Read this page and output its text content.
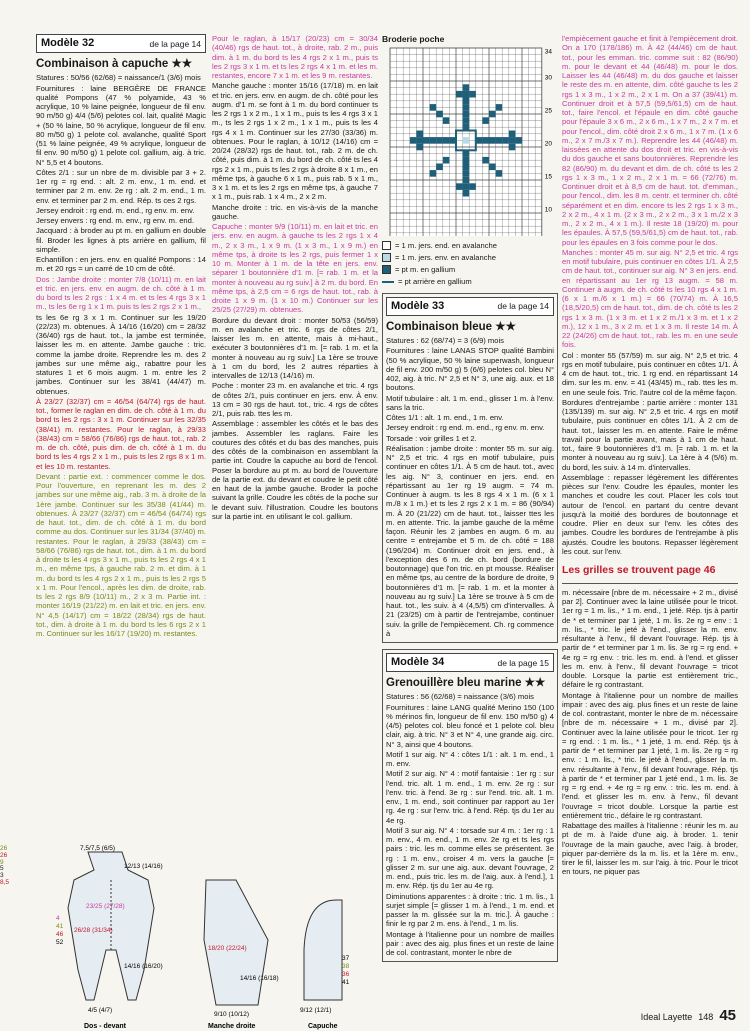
Modèle 32	de la page 14
Combinaison à capuche ★★
Statures : 50/56 (62/68) = naissance/1 (3/6) mois
Fournitures : laine BERGÈRE DE FRANCE qualité Pompons (47 % polyamide, 43 % acrylique, 10 % laine peignée, longueur de fil env. 90 m/50 g) 4/4 (5/6) pelotes col. lait, qualité Magic + (50 % laine, 50 % acrylique, longueur de fil env. 80 m/50 g) 1 pelote col. avalanche, qualité Sport (51 % laine peignée, 49 % acrylique, longueur de fil env. 90 m/50 g) 1 pelote col. gallium, aig. à tric. N° 5,5 et 4 boutons.
Côtes 2/1 : sur un nbre de m. divisible par 3 + 2. 1er rg = rg end. : alt. 2 m. env., 1 m. end. et terminer par 2 m. env. 2e rg : alt. 2 m. end., 1 m. env. et terminer par 2 m. end. Rép. ts ces 2 rgs.
Jersey endroit : rg end. m. end., rg env. m. env.
Jersey envers : rg end. m. env., rg env. m. end.
Jacquard : à broder au pt m. en gallium en double fil. Broder les lignes à pts arrière en gallium, fil simple.
Echantillon : en jers. env. en qualité Pompons : 14 m. et 20 rgs = un carré de 10 cm de côté.
Dos : Jambe droite : monter 7/8 (10/11) m. en lait et tric. en jers. env. en augm. de ch. côté à 1 m. du bord ts les 2 rgs : 1 x 4 m. et ts les 4 rgs 3 x 1 m., ts les 6e rg 1 x 1 m. puis ts les 2 rgs 2 x 1 m.,
ts les 6e rg 3 x 1 m. Continuer sur les 19/20 (22/23) m. obtenues. À 14/16 (16/20) cm = 28/32 (36/40) rgs de haut. tot., la jambe est terminée, laisser les m. en attente. Jambe gauche : tric. comme la jambe droite. Reprendre les m. des 2 jambes sur une même aig., rabattre pour les statures 1 et 6 mois augm. 1 m. entre les 2 jambes. Continuer sur les 38/41 (44/47) m. obtenues.
À 23/27 (32/37) cm = 46/54 (64/74) rgs de haut. tot., former le raglan en dim. de ch. côté à 1 m. du bord ts les 2 rgs : 3 x 1 m. Continuer sur les 32/35 (38/41) m. restantes. Pour le raglan, à 29/33 (38/43) cm = 58/66 (76/86) rgs de haut. tot., rab. 2 m. de ch. côté, puis dim. de ch. côté à 1 m. du bord ts les 4 rgs 2 x 1 m., puis ts les 2 rgs 8 x 1 m. et les 10 m. restantes.
Devant : partie ext. : commencer comme le dos. Pour l'ouverture, en reprenant les m. des 2 jambes sur une même aig., rab. 3 m. à droite de la 1ère jambe. Continuer sur les 35/38 (41/44) m. obtenues. À 23/27 (32/37) cm = 46/54 (64/74) rgs de haut. tot., dim. de ch. côté à 1 m. du bord comme au dos. Continuer sur les 31/34 (37/40) m. restantes. Pour le raglan, à 29/33 (38/43) cm = 58/66 (76/86) rgs de haut. tot., dim. à 1 m. du bord à droite ts les 4 rgs 3 x 1 m., puis ts les 2 rgs 4 x 1 m., en même tps, à gauche rab. 2 m. et dim. à 1 m. du bord ts les 4 rgs 2 x 1 m., puis ts les 2 rgs 5 x 1 m. Pour l'encol., après les dim. de droite, rab. ts les 2 rgs 8/9 (10/11) m., 2 x 3 m. Partie int. : monter 16/19 (21/22) m. en lait et tric. en jers. env. N° 4,5 (14/17) cm = 18/22 (28/34) rgs de haut. tot., dim. à droite à 1 m. du bord ts les 6 rgs 2 x 1 m. Continuer sur les 16/17 (19/20) m. restantes.
Pour le raglan, à 15/17 (20/23) cm = 30/34 (40/46) rgs de haut. tot., à droite, rab. 2 m., puis dim. à 1 m. du bord ts les 4 rgs 2 x 1 m., puis ts les 2 rgs 3 x 1 m. et ts les 2 rgs 4 x 1 m. et les m. restantes, encore 7 x 1 m. et les 9 m. restantes.
Manche gauche : monter 15/16 (17/18) m. en lait et tric. en jers. env. en augm. de ch. côté pour les augm. d'1 m. se font à 1 m. du bord continuer ts les 2 rgs 1 x 2 m., 1 x 1 m., puis ts les 4 rgs 3 x 1 m., ts les 2 rgs 1 x 2 m., 1 x 1 m., puis ts les 4 rgs 4 x 1 m. Continuer sur les 27/30 (33/36) m. obtenues. Pour le raglan, à 10/12 (14/16) cm = 20/24 (28/32) rgs de haut. tot., rab. 2 m. de ch. côté, puis dim. à 1 m. du bord de ch. côté ts les 4 rgs 2 x 1 m., puis ts les 2 rgs à droite 8 x 1 m., en même tps, à gauche 6 x 1 m., puis rab. 5 x 1 m., 3 x 1 m. et ts les 2 rgs en même tps, à gauche 7 x 1 m., puis rab. 1 x 4 m., 2 x 2 m.
Manche droite : tric. en vis-à-vis de la manche gauche.
Capuche : monter 9/9 (10/11) m. en lait et tric. en jers. env. en augm. à gauche ts les 2 rgs 1 x 4 m., 2 x 3 m., 1 x 9 m. (1 x 3 m., 1 x 9 m.) en même tps, à droite ts les 2 rgs, puis fermer 1 x 10 m. Monter à 1 m. de la tête en jers. env. séparer 1 boutonnière d'1 m. [= rab. 1 m. et la monter à nouveau au rg suiv.] à 2 m. du bord. En même tps, à 2,5 cm = 6 rgs de haut. tot., rab. à droite 1 x 9 m. (1 x 10 m.) Continuer sur les 25/25 (27/29) m. obtenues.
Bordure du devant droit : monter 50/53 (56/59) m. en avalanche et tric. 6 rgs de côtes 2/1, laisser les m. en attente, mais à mi-haut., exécuter 3 boutonnières d'1 m. [= rab. 1 m. et la monter à nouveau au rg suiv.] La 1ère se trouve à 1 cm du bord, les 2 autres réparties à intervalles de 12/13 (14/16) m.
Poche : monter 23 m. en avalanche et tric. 4 rgs de côtes 2/1, puis continuer en jers. env. À env. 13 cm = 30 rgs de haut. tot., tric. 4 rgs de côtes 2/1, puis rab. ttes les m.
Assemblage : assembler les côtés et le bas des jambes. Assembler les raglans. Faire les coutures des côtés et du bas des manches, puis des côtés de la combinaison en assemblant la partie int. Coudre la capuche au bord de l'encol. Poser la bordure au pt m. au bord de l'ouverture de la partie ext. du devant et coudre le petit côté en haut de la jambe gauche. Broder la poche suivant la grille. Coudre les côtés de la poche sur le devant suiv. l'illustration. Coudre les boutons sur la partie int. en utilisant le col. gallium.
Broderie poche
34
30
25
20
15
10
= 1 m. jers. end. en avalanche
= 1 m. jers. env. en avalanche
= pt m. en gallium
= pt arrière en gallium
Modèle 33	de la page 14
Combinaison bleue ★★
Statures : 62 (68/74) = 3 (6/9) mois
Fournitures : laine LANAS STOP qualité Bambini (50 % acrylique, 50 % laine superwash, longueur de fil env. 200 m/50 g) 5 (6/6) pelotes col. bleu N° 402, aig. à tric. N° 2,5 et N° 3, une aig. aux. et 18 boutons.
Motif tubulaire : alt. 1 m. end., glisser 1 m. à l'env. sans la tric.
Côtes 1/1 : alt. 1 m. end., 1 m. env.
Jersey endroit : rg end. m. end., rg env. m. env.
Torsade : voir grilles 1 et 2.
Réalisation : jambe droite : monter 55 m. sur aig. N° 2,5 et tric. 4 rgs en motif tubulaire, puis continuer en côtes 1/1. À 5 cm de haut. tot., avec les aig. N° 3, continuer en jers. end. en répartissant au 1er rg 19 augm. = 74 m. Continuer à augm. ts les 8 rgs 4 x 1 m. (6 x 1 m./8 x 1 m.) et ts les 2 rgs 2 x 1 m. = 86 (90/94) m. À 20 (21/22) cm de haut. tot., laisser ttes les m. en attente. Tric. la jambe gauche de la même façon. Réunir les 2 jambes en augm. 6 m. au centre = entrejambe et 5 m. de ch. côté = 188 (196/204) m. Continuer droit en jers. end., à l'exception des 6 m. de ch. bord (bordure de boutonnage) que l'on tric. en pt mousse. Réaliser en même tps, au centre de la bordure de droite, 9 boutonnières d'1 m. [= rab. 1 m. et la monter à nouveau au rg suiv.] La 1ère se trouve à 5 cm de haut. tot., les suiv. à 4 (4,5/5) cm d'intervalles. À 21 (23/25) cm à partir de l'entrejambe, continuer suiv. la grille de l'empiècement. Ch. rg commence à
Modèle 34	de la page 15
Grenouillère bleu marine ★★
Statures : 56 (62/68) = naissance (3/6) mois
Fournitures : laine LANG qualité Merino 150 (100 % mérinos fin, longueur de fil env. 150 m/50 g) 4 (4/5) pelotes col. bleu foncé et 1 pelote col. bleu clair, aig. à tric. N° 3 et N° 4, une grande aig. circ. N° 3, ainsi que 4 boutons.
Motif 1 sur aig. N° 4 : côtes 1/1 : alt. 1 m. end., 1 m. env.
Motif 2 sur aig. N° 4 : motif fantaisie : 1er rg : sur l'end. tric. alt. 1 m. end., 1 m. env. 2e rg : sur l'env. tric. à l'end. 3e rg : sur l'end. tric. alt. 1 m. env., 1 m. end., soit continuer par rapport au 1er rg. 4e rg : sur l'env. tric. à l'end. Rép. tjs du 1er au 4e rg.
Motif 3 sur aig. N° 4 : torsade sur 4 m. : 1er rg : 1 m. env., 4 m. end., 1 m. env. 2e rg et ts les rgs pairs : tric. les m. comme elles se présentent. 3e rg : 1 m. env., croiser 4 m. vers la gauche [= glisser 2 m. sur une aig. aux. devant l'ouvrage, 2 m. end., puis tric. les m. de l'aig. aux. à l'end.], 1 m. env. Rép. tjs du 1er au 4e rg.
Diminutions apparentes : à droite : tric. 1 m. lis., 1 surjet simple [= glisser 1 m. à l'end., 1 m. end. et passer la m. glissée sur la m. tric.]. À gauche : finir le rg par 2 m. ens. à l'end., 1 m. lis.
Montage à l'italienne pour un nombre de mailles pair : avec des aig. plus fines et un reste de laine de col. contrastant, monter le nbre de
l'empiècement gauche et finit à l'empiècement droit. On a 170 (178/186) m. À 42 (44/46) cm de haut. tot., pour les emman. tric. comme suit : 82 (86/90) m. pour le devant et 44 (46/48) m. pour le dos. Laisser les 44 (46/48) m. du dos gauche et laisser le reste des m. en attente, dim. côté gauche ts les 2 rgs 1 x 3 m., 1 x 2 m., 2 x 1 m. On a 37 (39/41) m. Continuer droit et à 57,5 (59,5/61,5) cm de haut. tot., faire l'encol. et l'épaule en dim. côté gauche pour l'épaule 3 x 6 m., 2 x 6 m., 1 x 7 m., 2 x 7 m. et pour l'encol., dim. côté droit 2 x 6 m., 1 x 7 m. (1 x 6 m., 2 x 7 m./3 x 7 m.). Reprendre les 44 (46/48) m. laissées en attente du dos droit et tric. en vis-à-vis du dos gauche et sans boutonnières. Reprendre les 82 (86/90) m. du devant et dim. de ch. côté ts les 2 rgs 1 x 3 m., 1 x 2 m., 2 x 1 m. = 66 (72/76) m. Continuer droit et à 8,5 cm de haut. tot. d'emman., pour l'encol., dim. les 8 m. centr. et terminer ch. côté séparément et en dim. encore ts les 2 rgs 1 x 3 m., 2 x 2 m., 4 x 1 m. (2 x 3 m., 2 x 2 m., 3 x 1 m./2 x 3 m., 2 x 2 m., 4 x 1 m.). Il reste 18 (19/20) m. pour les épaules. À 57,5 (59,5/61,5) cm de haut. tot., rab. pour les épaules en 3 fois comme pour le dos.
Manches : monter 45 m. sur aig. N° 2,5 et tric. 4 rgs en motif tubulaire, puis continuer en côtes 1/1. À 2,5 cm de haut. tot., continuer sur aig. N° 3 en jers. end. en répartissant au 1er rg 13 augm. = 58 m. Continuer à augm. de ch. côté ts les 10 rgs 4 x 1 m. (6 x 1 m./6 x 1 m.) = 66 (70/74) m. À 16,5 (18,5/20,5) cm de haut. tot., dim. de ch. côté ts les 2 rgs 1 x 3 m. (1 x 3 m. et 1 x 2 m./1 x 3 m. et 1 x 2 m.), 12 x 1 m., 3 x 2 m. et 1 x 3 m. Il reste 14 m. À 22 (24/26) cm de haut. tot., rab. les m. en une seule fois.
Col : monter 55 (57/59) m. sur aig. N° 2,5 et tric. 4 rgs en motif tubulaire, puis continuer en côtes 1/1. À 4 cm de haut. tot., tric. 1 rg end. en répartissant 14 dim. sur les m. env. = 41 (43/45) m., rab. ttes les m. en une seule fois. Tric. l'autre col de la même façon.
Bordures d'entrejambe : partie arrière : monter 131 (135/139) m. sur aig. N° 2,5 et tric. 4 rgs en motif tubulaire, puis continuer en côtes 1/1. À 2 cm de haut. tot., laisser les m. en attente. Faire le même travail pour la partie avant, mais à 1 cm de haut. tot., faire 9 boutonnières d'1 m. [= rab. 1 m. et la monter à nouveau au rg suiv.]. La 1ère à 4 (5/6) m. du bord, les suiv. à 14 m. d'intervalles.
Assemblage : repasser légèrement les différentes pièces sur l'env. Coudre les épaules, monter les manches et coudre les cout. Placer les cols tout autour de l'encol. en partant du centre devant jusqu'à la moitié des bordures de boutonnage et coudre. Plier en deux sur l'env. les côtes des jambes. Coudre les bordures de l'entrejambe à plis ajustés. Coudre les boutons. Repasser légèrement les cout. sur l'env.
Les grilles se trouvent page 46
m. nécessaire [nbre de m. nécessaire + 2 m., divisé par 2]. Continuer avec la laine utilisée pour le tricot. 1er rg = 1 m. lis., * 1 m. end., 1 jeté. Rép. tjs à partir de * et terminer par 1 jeté, 1 m. lis. 2e rg = env : 1 m. lis., * tric. le jeté à l'end., glisser la m. env. résultante à l'env., fil devant l'ouvrage. Rép. tjs à partir de * et terminer par 1 m. lis. 3e rg = rg end. + 4e rg = rg env. : tric. les m. end. à l'end. et glisser les m. env. à l'env., fil devant l'ouvrage = tricot double. Lorsque la partie est entièrement tric., défaire le rg contrastant.
Montage à l'italienne pour un nombre de mailles impair : avec des aig. plus fines et un reste de laine de col. contrastant, monter le nbre de m. nécessaire [nbre de m. nécessaire + 1 m., divisé par 2]. Continuer avec la laine utilisée pour le tricot. 1er rg = rg end. : 1 m. lis., * 1 jeté, 1 m. end. Rép. tjs à partir de * et terminer par 1 jeté, 1 m. lis. 2e rg = rg env. : 1 m. lis., * tric. le jeté à l'end., glisser la m. env. résultante à l'env., fil devant l'ouvrage. Rép. tjs à partir de * et terminer par 1 jeté end., 1 m. lis. 3e rg = rg end. + 4e rg = rg env. : tric. les m. end. à l'end. et glisser les m. env. à l'env., fil devant l'ouvrage = tricot double. Lorsque la partie est entièrement tric., défaire le rg contrastant.
Rabattage des mailles à l'italienne : réunir les m. au pt de m. à l'aide d'une aig. à broder. 1. tenir l'ouvrage de la main gauche, avec l'aig. à broder, piquer par-derrière ds la m. lis. et la 1ère m. env., tirer le fil, laisser les m. sur l'aig. à tric. Pour le tricot en tours, ne piquer pas
7,5/7,5 (6/5)
12/13 (14/16)
23/25 (27/28)
26/28 (31/34)
14/16 (16/20)
4/5 (4/7)
4
41
46
52
Dos - devant
18/20 (22/24)
14/16 (16/18)
9/10 (10/12)
Manche droite
37
38
36
41
9/12 (12/1)
Capuche
26
26
9
5
3
8,5
Ideal Layette 148 45
